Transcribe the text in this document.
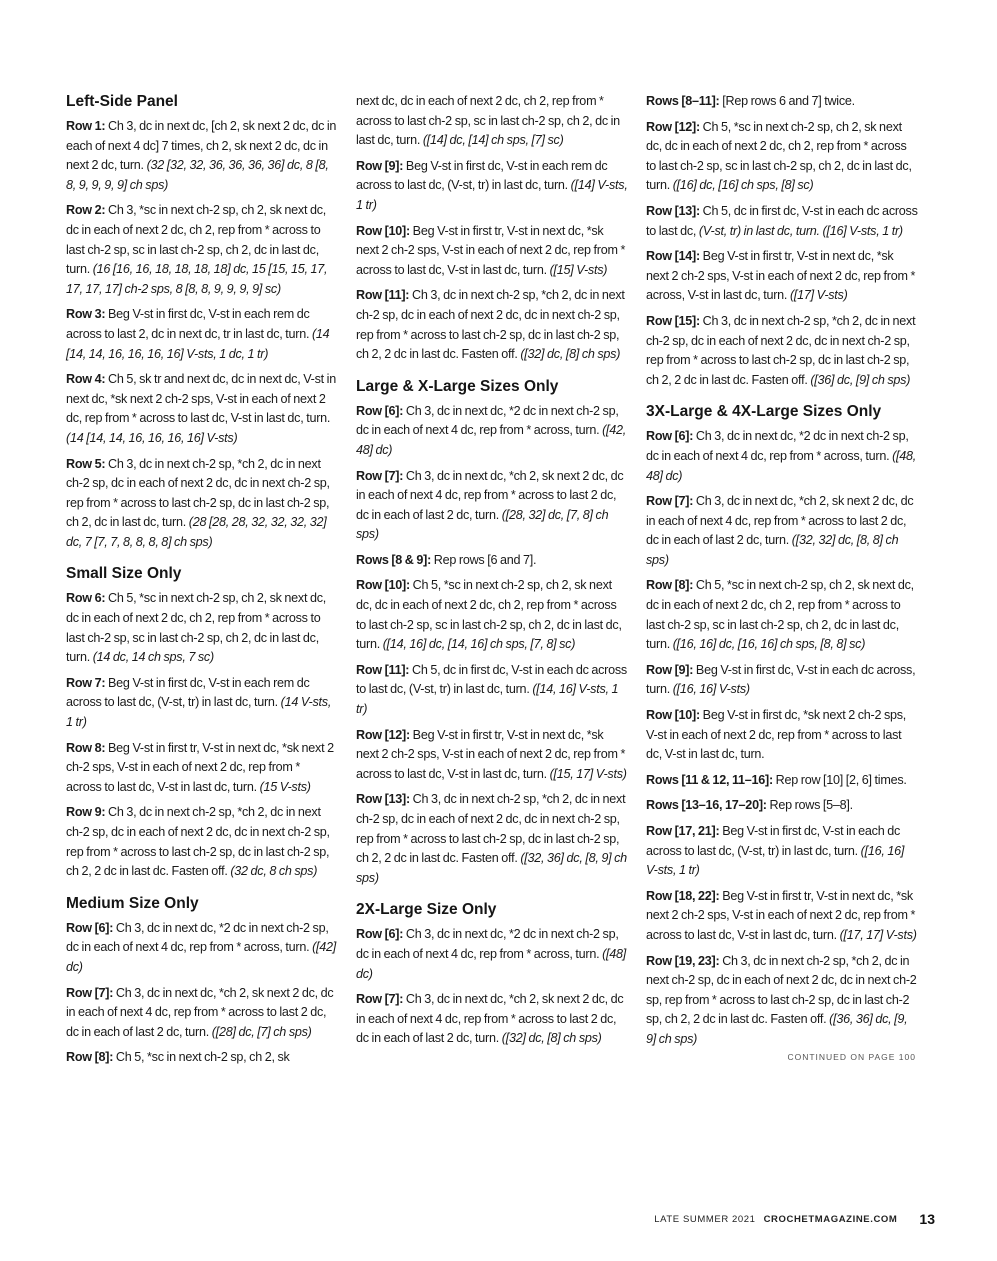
Left-Side Panel

Row 1: Ch 3, dc in next dc, [ch 2, sk next 2 dc, dc in each of next 4 dc] 7 times, ch 2, sk next 2 dc, dc in next 2 dc, turn. (32 [32, 32, 36, 36, 36, 36] dc, 8 [8, 8, 9, 9, 9, 9] ch sps)

Row 2: Ch 3, *sc in next ch-2 sp, ch 2, sk next dc, dc in each of next 2 dc, ch 2, rep from * across to last ch-2 sp, sc in last ch-2 sp, ch 2, dc in last dc, turn. (16 [16, 16, 18, 18, 18, 18] dc, 15 [15, 15, 17, 17, 17, 17] ch-2 sps, 8 [8, 8, 9, 9, 9, 9] sc)

Row 3: Beg V-st in first dc, V-st in each rem dc across to last 2, dc in next dc, tr in last dc, turn. (14 [14, 14, 16, 16, 16, 16] V-sts, 1 dc, 1 tr)

Row 4: Ch 5, sk tr and next dc, dc in next dc, V-st in next dc, *sk next 2 ch-2 sps, V-st in each of next 2 dc, rep from * across to last dc, V-st in last dc, turn. (14 [14, 14, 16, 16, 16, 16] V-sts)

Row 5: Ch 3, dc in next ch-2 sp, *ch 2, dc in next ch-2 sp, dc in each of next 2 dc, dc in next ch-2 sp, rep from * across to last ch-2 sp, dc in last ch-2 sp, ch 2, dc in last dc, turn. (28 [28, 28, 32, 32, 32, 32] dc, 7 [7, 7, 8, 8, 8, 8] ch sps)

Small Size Only

Row 6: Ch 5, *sc in next ch-2 sp, ch 2, sk next dc, dc in each of next 2 dc, ch 2, rep from * across to last ch-2 sp, sc in last ch-2 sp, ch 2, dc in last dc, turn. (14 dc, 14 ch sps, 7 sc)

Row 7: Beg V-st in first dc, V-st in each rem dc across to last dc, (V-st, tr) in last dc, turn. (14 V-sts, 1 tr)

Row 8: Beg V-st in first tr, V-st in next dc, *sk next 2 ch-2 sps, V-st in each of next 2 dc, rep from * across to last dc, V-st in last dc, turn. (15 V-sts)

Row 9: Ch 3, dc in next ch-2 sp, *ch 2, dc in next ch-2 sp, dc in each of next 2 dc, dc in next ch-2 sp, rep from * across to last ch-2 sp, dc in last ch-2 sp, ch 2, 2 dc in last dc. Fasten off. (32 dc, 8 ch sps)

Medium Size Only

Row [6]: Ch 3, dc in next dc, *2 dc in next ch-2 sp, dc in each of next 4 dc, rep from * across, turn. ([42] dc)

Row [7]: Ch 3, dc in next dc, *ch 2, sk next 2 dc, dc in each of next 4 dc, rep from * across to last 2 dc, dc in each of last 2 dc, turn. ([28] dc, [7] ch sps)

Row [8]: Ch 5, *sc in next ch-2 sp, ch 2, sk

next dc, dc in each of next 2 dc, ch 2, rep from * across to last ch-2 sp, sc in last ch-2 sp, ch 2, dc in last dc, turn. ([14] dc, [14] ch sps, [7] sc)

Row [9]: Beg V-st in first dc, V-st in each rem dc across to last dc, (V-st, tr) in last dc, turn. ([14] V-sts, 1 tr)

Row [10]: Beg V-st in first tr, V-st in next dc, *sk next 2 ch-2 sps, V-st in each of next 2 dc, rep from * across to last dc, V-st in last dc, turn. ([15] V-sts)

Row [11]: Ch 3, dc in next ch-2 sp, *ch 2, dc in next ch-2 sp, dc in each of next 2 dc, dc in next ch-2 sp, rep from * across to last ch-2 sp, dc in last ch-2 sp, ch 2, 2 dc in last dc. Fasten off. ([32] dc, [8] ch sps)

Large & X-Large Sizes Only

Row [6]: Ch 3, dc in next dc, *2 dc in next ch-2 sp, dc in each of next 4 dc, rep from * across, turn. ([42, 48] dc)

Row [7]: Ch 3, dc in next dc, *ch 2, sk next 2 dc, dc in each of next 4 dc, rep from * across to last 2 dc, dc in each of last 2 dc, turn. ([28, 32] dc, [7, 8] ch sps)

Rows [8 & 9]: Rep rows [6 and 7].

Row [10]: Ch 5, *sc in next ch-2 sp, ch 2, sk next dc, dc in each of next 2 dc, ch 2, rep from * across to last ch-2 sp, sc in last ch-2 sp, ch 2, dc in last dc, turn. ([14, 16] dc, [14, 16] ch sps, [7, 8] sc)

Row [11]: Ch 5, dc in first dc, V-st in each dc across to last dc, (V-st, tr) in last dc, turn. ([14, 16] V-sts, 1 tr)

Row [12]: Beg V-st in first tr, V-st in next dc, *sk next 2 ch-2 sps, V-st in each of next 2 dc, rep from * across to last dc, V-st in last dc, turn. ([15, 17] V-sts)

Row [13]: Ch 3, dc in next ch-2 sp, *ch 2, dc in next ch-2 sp, dc in each of next 2 dc, dc in next ch-2 sp, rep from * across to last ch-2 sp, dc in last ch-2 sp, ch 2, 2 dc in last dc. Fasten off. ([32, 36] dc, [8, 9] ch sps)

2X-Large Size Only

Row [6]: Ch 3, dc in next dc, *2 dc in next ch-2 sp, dc in each of next 4 dc, rep from * across, turn. ([48] dc)

Row [7]: Ch 3, dc in next dc, *ch 2, sk next 2 dc, dc in each of next 4 dc, rep from * across to last 2 dc, dc in each of last 2 dc, turn. ([32] dc, [8] ch sps)

Rows [8–11]: [Rep rows 6 and 7] twice.

Row [12]: Ch 5, *sc in next ch-2 sp, ch 2, sk next dc, dc in each of next 2 dc, ch 2, rep from * across to last ch-2 sp, sc in last ch-2 sp, ch 2, dc in last dc, turn. ([16] dc, [16] ch sps, [8] sc)

Row [13]: Ch 5, dc in first dc, V-st in each dc across to last dc, (V-st, tr) in last dc, turn. ([16] V-sts, 1 tr)

Row [14]: Beg V-st in first tr, V-st in next dc, *sk next 2 ch-2 sps, V-st in each of next 2 dc, rep from * across, V-st in last dc, turn. ([17] V-sts)

Row [15]: Ch 3, dc in next ch-2 sp, *ch 2, dc in next ch-2 sp, dc in each of next 2 dc, dc in next ch-2 sp, rep from * across to last ch-2 sp, dc in last ch-2 sp, ch 2, 2 dc in last dc. Fasten off. ([36] dc, [9] ch sps)

3X-Large & 4X-Large Sizes Only

Row [6]: Ch 3, dc in next dc, *2 dc in next ch-2 sp, dc in each of next 4 dc, rep from * across, turn. ([48, 48] dc)

Row [7]: Ch 3, dc in next dc, *ch 2, sk next 2 dc, dc in each of next 4 dc, rep from * across to last 2 dc, dc in each of last 2 dc, turn. ([32, 32] dc, [8, 8] ch sps)

Row [8]: Ch 5, *sc in next ch-2 sp, ch 2, sk next dc, dc in each of next 2 dc, ch 2, rep from * across to last ch-2 sp, sc in last ch-2 sp, ch 2, dc in last dc, turn. ([16, 16] dc, [16, 16] ch sps, [8, 8] sc)

Row [9]: Beg V-st in first dc, V-st in each dc across, turn. ([16, 16] V-sts)

Row [10]: Beg V-st in first dc, *sk next 2 ch-2 sps, V-st in each of next 2 dc, rep from * across to last dc, V-st in last dc, turn.

Rows [11 & 12, 11–16]: Rep row [10] [2, 6] times.

Rows [13–16, 17–20]: Rep rows [5–8].

Row [17, 21]: Beg V-st in first dc, V-st in each dc across to last dc, (V-st, tr) in last dc, turn. ([16, 16] V-sts, 1 tr)

Row [18, 22]: Beg V-st in first tr, V-st in next dc, *sk next 2 ch-2 sps, V-st in each of next 2 dc, rep from * across to last dc, V-st in last dc, turn. ([17, 17] V-sts)

Row [19, 23]: Ch 3, dc in next ch-2 sp, *ch 2, dc in next ch-2 sp, dc in each of next 2 dc, dc in next ch-2 sp, rep from * across to last ch-2 sp, dc in last ch-2 sp, ch 2, 2 dc in last dc. Fasten off. ([36, 36] dc, [9, 9] ch sps)

CONTINUED ON PAGE 100
LATE SUMMER 2021 CROCHETMAGAZINE.COM 13
